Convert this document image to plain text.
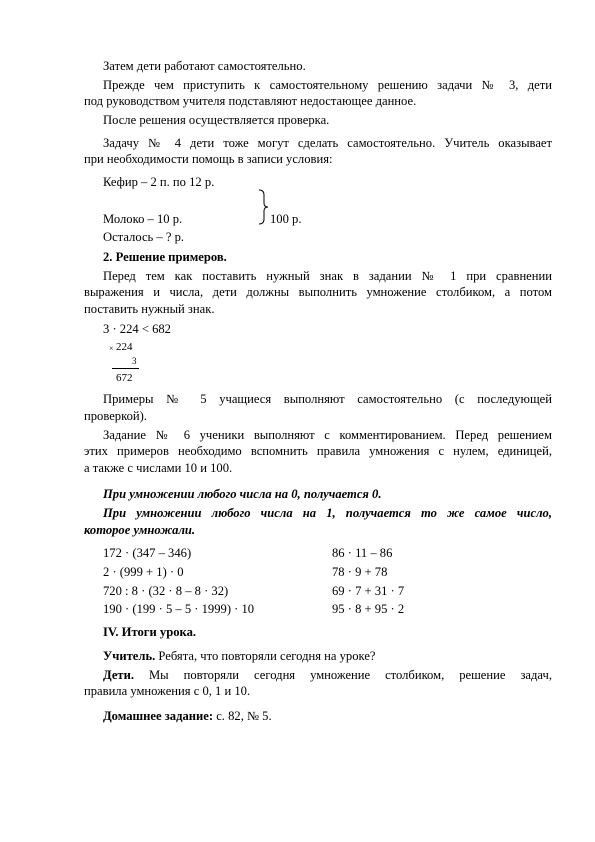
Затем дети работают самостоятельно.
Прежде чем приступить к самостоятельному решению задачи № 3, дети
под руководством учителя подставляют недостающее данное.
После решения осуществляется проверка.
Задачу № 4 дети тоже могут сделать самостоятельно. Учитель оказывает
при необходимости помощь в записи условия:
Кефир – 2 п. по 12 р.
Молоко – 10 р.	100 р.
Осталось – ? р.
2. Решение примеров.
Перед тем как поставить нужный знак в задании № 1 при сравнении
выражения и числа, дети должны выполнить умножение столбиком, а потом
поставить нужный знак.
3 · 224 < 682
× 224
3
672
Примеры № 5 учащиеся выполняют самостоятельно (с последующей
проверкой).
Задание № 6 ученики выполняют с комментированием. Перед решением
этих примеров необходимо вспомнить правила умножения с нулем, единицей,
а также с числами 10 и 100.
При умножении любого числа на 0, получается 0.
При умножении любого числа на 1, получается то же самое число,
которое умножали.
172 · (347 – 346)
2 · (999 + 1) · 0
720 : 8 · (32 · 8 – 8 · 32)
190 · (199 · 5 – 5 · 1999) · 10
86 · 11 – 86
78 · 9 + 78
69 · 7 + 31 · 7
95 · 8 + 95 · 2
IV. Итоги урока.
Учитель. Ребята, что повторяли сегодня на уроке?
Дети. Мы повторяли сегодня умножение столбиком, решение задач,
правила умножения с 0, 1 и 10.
Домашнее задание: с. 82, № 5.
